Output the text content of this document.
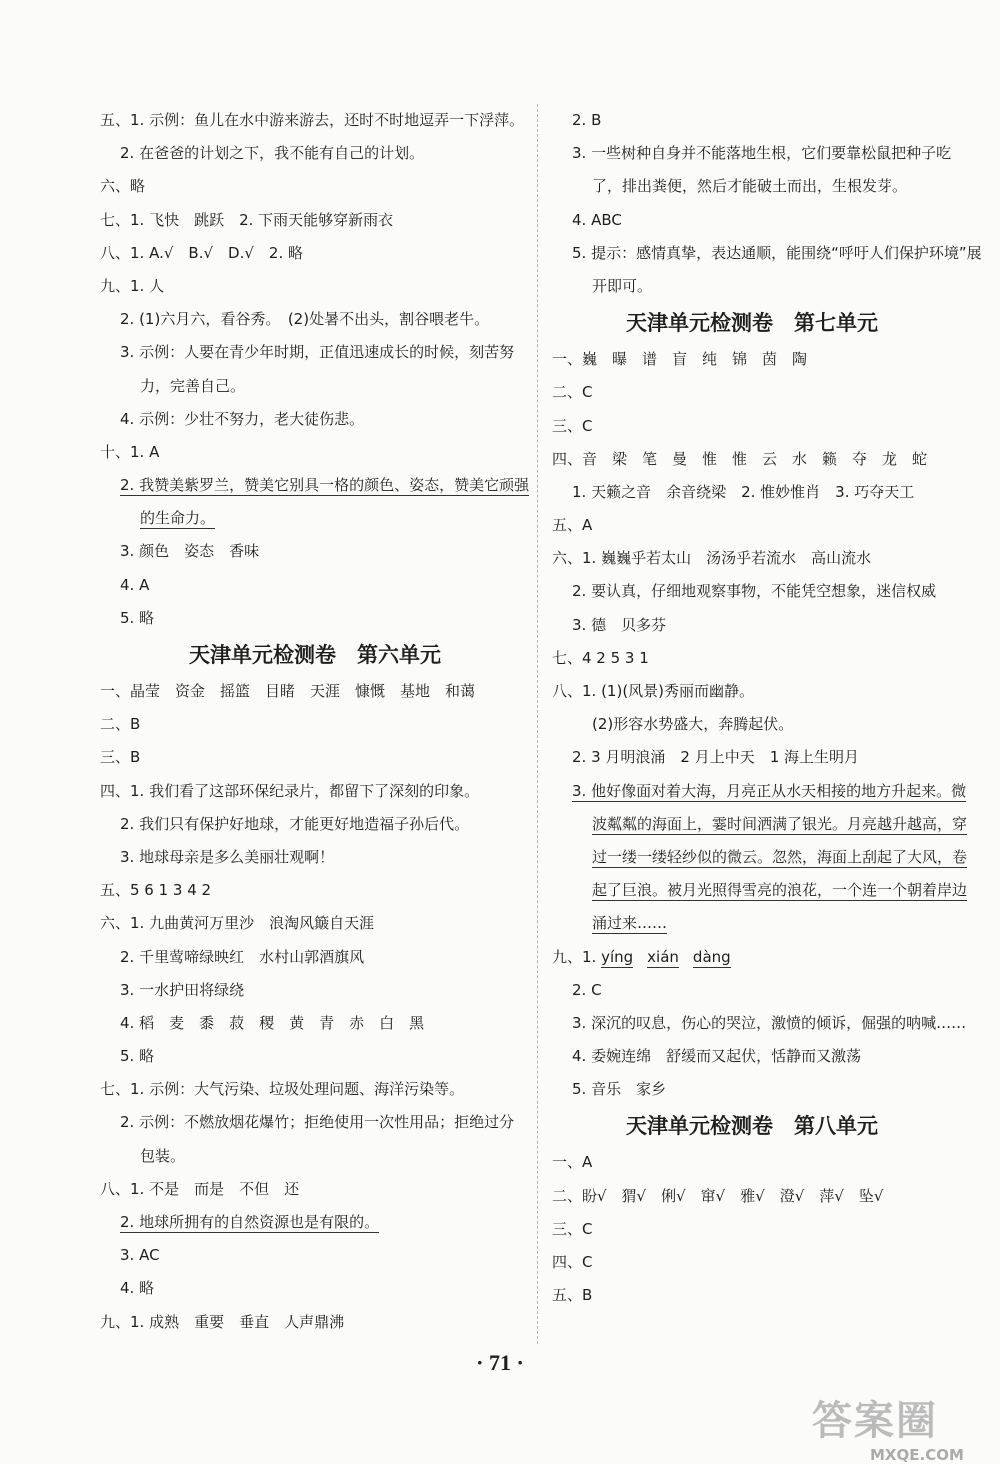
五、1. 示例：鱼儿在水中游来游去，还时不时地逗弄一下浮萍。
2. 在爸爸的计划之下，我不能有自己的计划。
六、略
七、1. 飞快　跳跃　2. 下雨天能够穿新雨衣
八、1. A.√　B.√　D.√　2. 略
九、1. 人
2. (1)六月六，看谷秀。　(2)处暑不出头，割谷喂老牛。
3. 示例：人要在青少年时期，正值迅速成长的时候，刻苦努
力，完善自己。
4. 示例：少壮不努力，老大徒伤悲。
十、1. A
2. 我赞美紫罗兰，赞美它别具一格的颜色、姿态，赞美它顽强
的生命力。
3. 颜色　姿态　香味
4. A
5. 略
天津单元检测卷　第六单元
一、晶莹　资金　摇篮　目睹　天涯　慷慨　基地　和蔼
二、B
三、B
四、1. 我们看了这部环保纪录片，都留下了深刻的印象。
2. 我们只有保护好地球，才能更好地造福子孙后代。
3. 地球母亲是多么美丽壮观啊！
五、5 6 1 3 4 2
六、1. 九曲黄河万里沙　浪淘风簸自天涯
2. 千里莺啼绿映红　水村山郭酒旗风
3. 一水护田将绿绕
4. 稻　麦　黍　菽　稷　黄　青　赤　白　黑
5. 略
七、1. 示例：大气污染、垃圾处理问题、海洋污染等。
2. 示例：不燃放烟花爆竹；拒绝使用一次性用品；拒绝过分
包装。
八、1. 不是　而是　不但　还
2. 地球所拥有的自然资源也是有限的。
3. AC
4. 略
九、1. 成熟　重要　垂直　人声鼎沸
2. B
3. 一些树种自身并不能落地生根，它们要靠松鼠把种子吃
了，排出粪便，然后才能破土而出，生根发芽。
4. ABC
5. 提示：感情真挚，表达通顺，能围绕“呼吁人们保护环境”展
开即可。
天津单元检测卷　第七单元
一、巍　曝　谱　盲　纯　锦　茵　陶
二、C
三、C
四、音　梁　笔　曼　惟　惟　云　水　籁　夺　龙　蛇
1. 天籁之音　余音绕梁　2. 惟妙惟肖　3. 巧夺天工
五、A
六、1. 巍巍乎若太山　汤汤乎若流水　高山流水
2. 要认真，仔细地观察事物，不能凭空想象，迷信权威
3. 德　贝多芬
七、4 2 5 3 1
八、1. (1)(风景)秀丽而幽静。
(2)形容水势盛大，奔腾起伏。
2. 3 月明浪涌　2 月上中天　1 海上生明月
3. 他好像面对着大海，月亮正从水天相接的地方升起来。微
波粼粼的海面上，霎时间洒满了银光。月亮越升越高，穿
过一缕一缕轻纱似的微云。忽然，海面上刮起了大风，卷
起了巨浪。被月光照得雪亮的浪花，一个连一个朝着岸边
涌过来……
九、1. yíng xián dàng
2. C
3. 深沉的叹息，伤心的哭泣，激愤的倾诉，倔强的呐喊……
4. 委婉连绵　舒缓而又起伏，恬静而又激荡
5. 音乐　家乡
天津单元检测卷　第八单元
一、A
二、盼√　猬√　俐√　窜√　雅√　澄√　萍√　坠√
三、C
四、C
五、B
· 71 ·
答案圈
MXQE.COM
